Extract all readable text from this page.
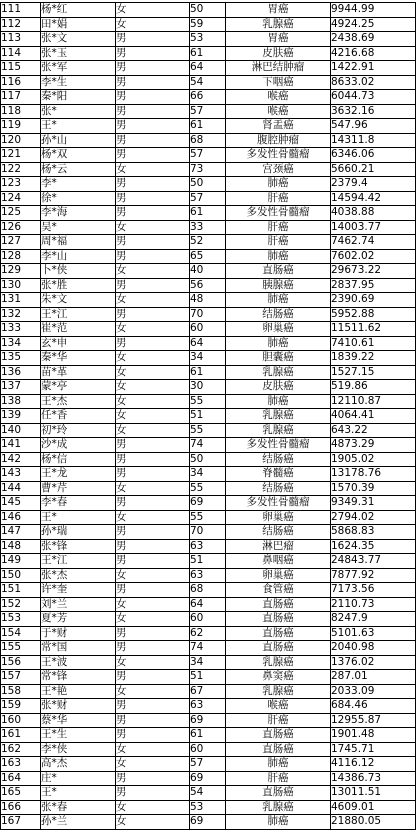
111	杨*红	女	50	胃癌	9944.99
112	田*娟	女	59	乳腺癌	4924.25
113	张*文	男	53	胃癌	2438.69
114	张*玉	男	61	皮肤癌	4216.68
115	张*军	男	64	淋巴结肿瘤	1422.91
116	李*生	男	54	下咽癌	8633.02
117	秦*阳	男	66	喉癌	6044.73
118	张*	男	57	喉癌	3632.16
119	王*	男	61	肾盂癌	547.96
120	孙*山	男	68	腹腔肿瘤	14311.8
121	杨*双	男	57	多发性骨髓瘤	6346.06
122	杨*云	女	73	宫颈癌	5660.21
123	李*	男	50	肺癌	2379.4
124	徐*	男	57	肝癌	14594.42
125	李*海	男	61	多发性骨髓瘤	4038.88
126	吴*	女	33	肝癌	14003.77
127	周*福	男	52	肝癌	7462.74
128	李*山	男	65	肺癌	7602.02
129	卜*侠	女	40	直肠癌	29673.22
130	张*胜	男	56	胰腺癌	2837.95
131	朱*文	女	48	肺癌	2390.69
132	王*江	男	70	结肠癌	5952.88
133	崔*范	女	60	卵巢癌	11511.62
134	玄*申	男	64	肺癌	7410.61
135	秦*华	女	34	胆囊癌	1839.22
136	苗*革	女	61	乳腺癌	1527.15
137	蒙*亭	女	30	皮肤癌	519.86
138	王*杰	女	55	肺癌	12110.87
139	任*香	女	51	乳腺癌	4064.41
140	初*玲	女	55	乳腺癌	643.22
141	沙*成	男	74	多发性骨髓瘤	4873.29
142	杨*信	男	50	结肠癌	1905.02
143	王*龙	男	34	脊髓癌	13178.76
144	曹*芹	女	55	结肠癌	1570.39
145	李*春	男	69	多发性骨髓瘤	9349.31
146	王*	女	55	卵巢癌	2794.02
147	孙*瑞	男	70	结肠癌	5868.83
148	张*锋	男	63	淋巴瘤	1624.35
149	王*江	男	51	鼻咽癌	24843.77
150	张*杰	女	63	卵巢癌	7877.92
151	许*奎	男	68	食管癌	7173.56
152	刘*兰	女	64	直肠癌	2110.73
153	夏*芳	女	60	直肠癌	8247.9
154	于*财	男	62	直肠癌	5101.63
155	常*国	男	74	直肠癌	2040.98
156	王*波	女	34	乳腺癌	1376.02
157	常*锋	男	51	鼻窦癌	287.01
158	王*艳	女	67	乳腺癌	2033.09
159	张*财	男	63	喉癌	684.46
160	蔡*华	男	69	肝癌	12955.87
161	王*生	男	61	直肠癌	1901.48
162	李*侠	女	60	直肠癌	1745.71
163	高*杰	女	57	肺癌	4116.12
164	庄*	男	69	肝癌	14386.73
165	王*	男	54	直肠癌	13011.51
166	张*春	女	53	乳腺癌	4609.01
167	孙*兰	女	69	肺癌	21880.05
